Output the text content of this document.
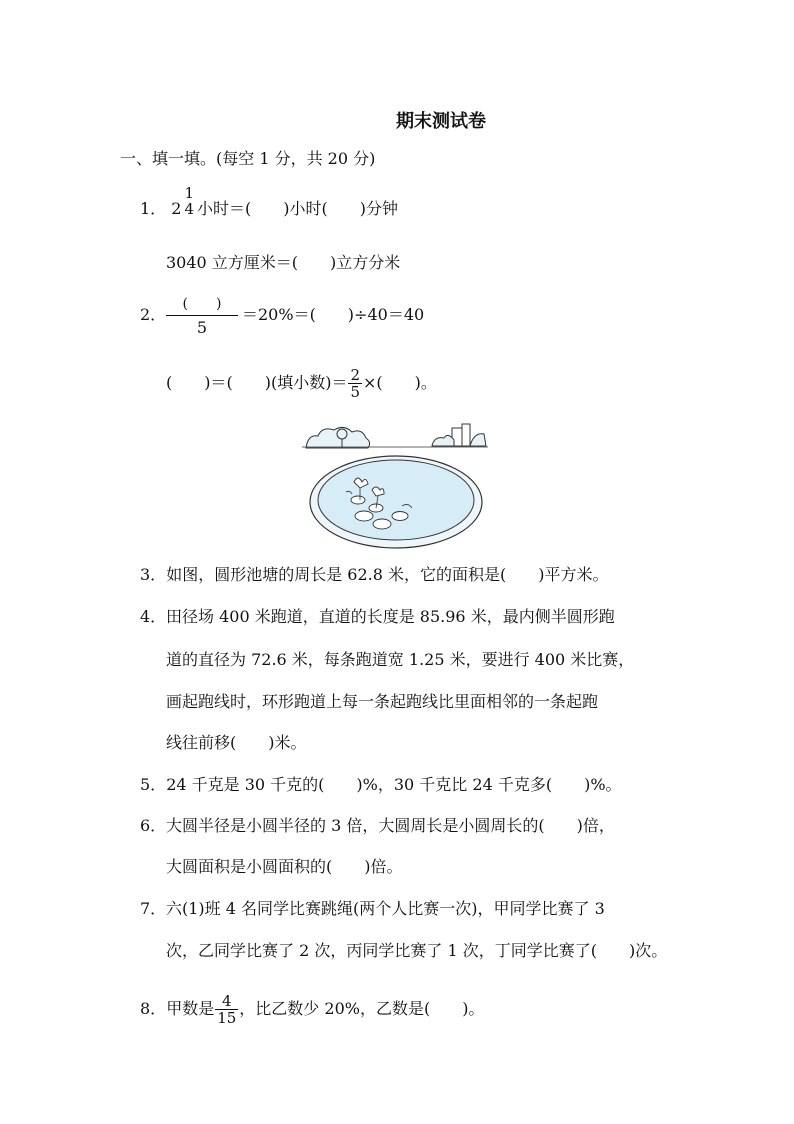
期末测试卷
一、填一填。(每空 1 分，共 20 分)
1． 2
1
4 小时＝(　　)小时(　　)分钟
3040 立方厘米＝(　　)立方分米
2．
(　　)
5
＝20%＝(　　)÷40＝40
(　　)＝(　　)(填小数)＝ $\frac{2}{5}$ ×(　　)。
3．如图，圆形池塘的周长是 62.8 米，它的面积是(　　)平方米。
4． 田径场 400 米跑道，直道的长度是 85.96 米，最内侧半圆形跑
道的直径为 72.6 米，每条跑道宽 1.25 米，要进行 400 米比赛，
画起跑线时，环形跑道上每一条起跑线比里面相邻的一条起跑
线往前移(　　)米。
5．24 千克是 30 千克的(　　)%，30 千克比 24 千克多(　　)%。
6． 大圆半径是小圆半径的 3 倍，大圆周长是小圆周长的(　　)倍，
大圆面积是小圆面积的(　　)倍。
7． 六(1)班 4 名同学比赛跳绳(两个人比赛一次)，甲同学比赛了 3
次，乙同学比赛了 2 次，丙同学比赛了 1 次，丁同学比赛了(　　)次。
8．甲数是 $\frac{4}{15}$ ，比乙数少 20%，乙数是(　　)。
